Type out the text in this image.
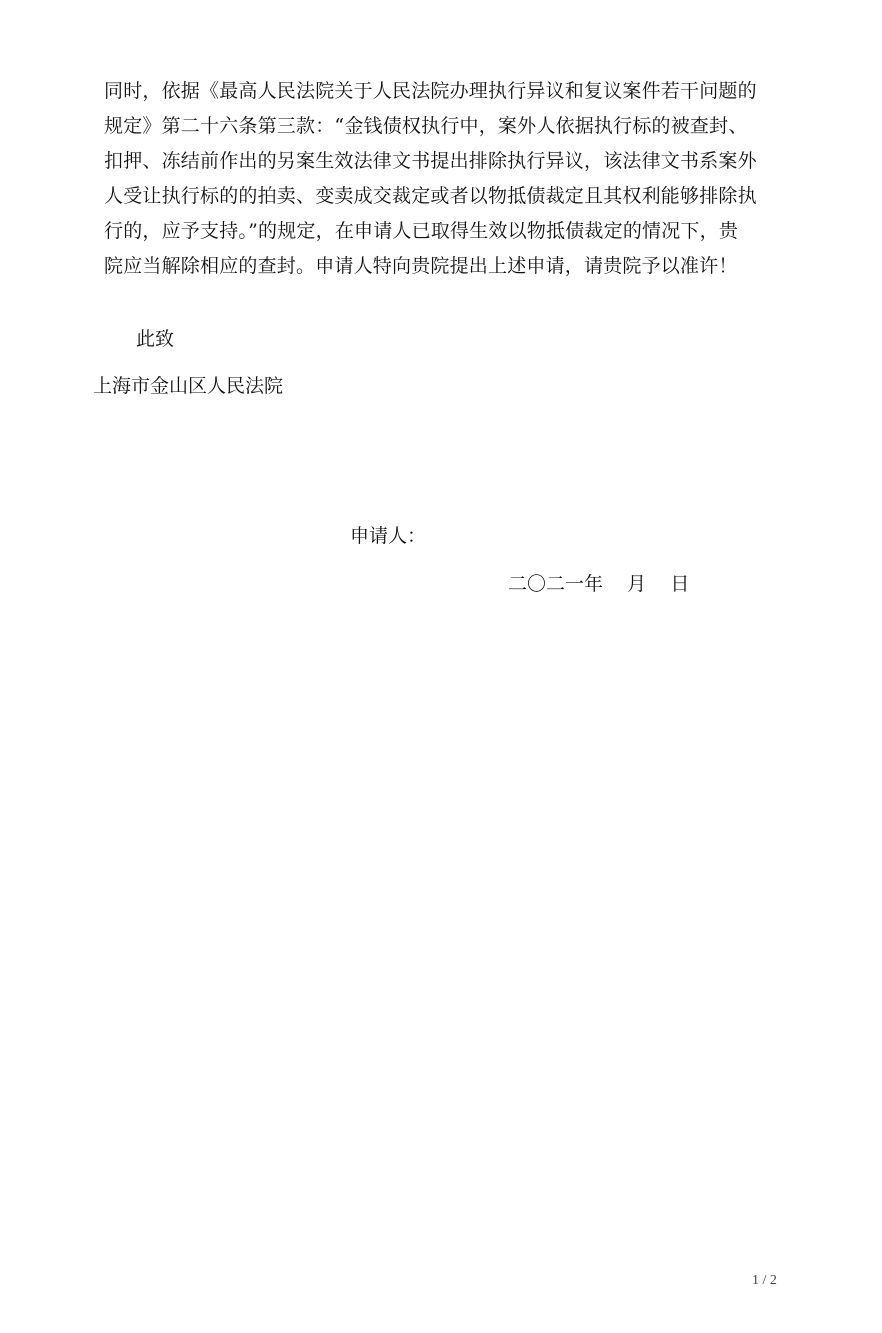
同时，依据《最高人民法院关于人民法院办理执行异议和复议案件若干问题的
规定》第二十六条第三款：“金钱债权执行中，案外人依据执行标的被查封、
扣押、冻结前作出的另案生效法律文书提出排除执行异议，该法律文书系案外
人受让执行标的的拍卖、变卖成交裁定或者以物抵债裁定且其权利能够排除执
行的，应予支持。”的规定，在申请人已取得生效以物抵债裁定的情况下，贵
院应当解除相应的查封。申请人特向贵院提出上述申请，请贵院予以准许！
此致
上海市金山区人民法院
申请人：
二〇二一年    月    日
1 / 2
